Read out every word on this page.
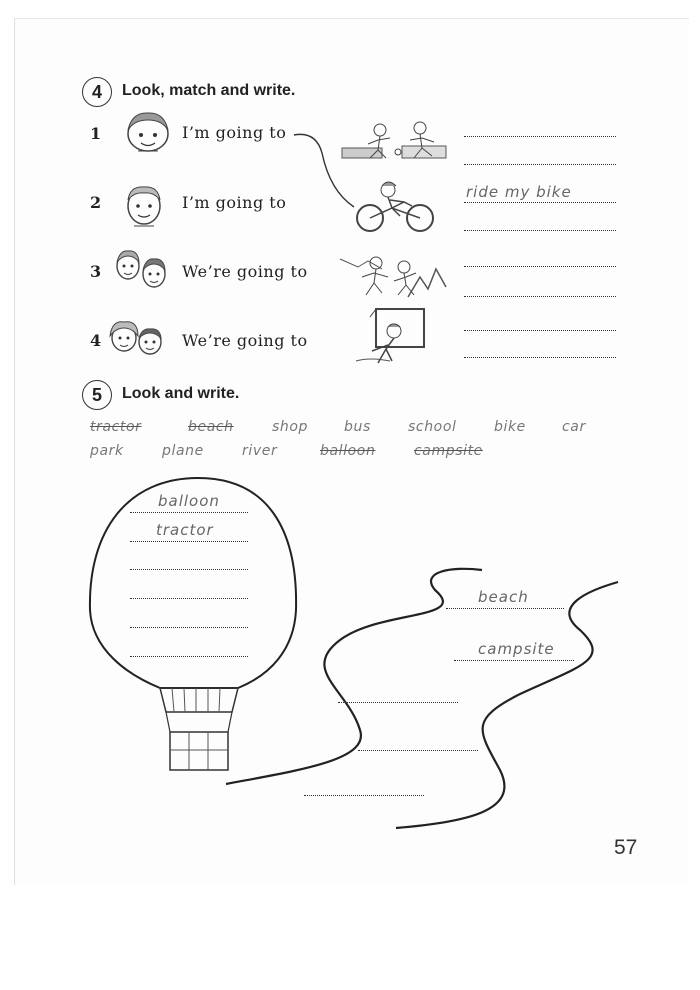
4	Look, match and write.
1	I’m going to
2	I’m going to
3	We’re going to
4	We’re going to
ride my bike
5	Look and write.
tractor	beach	shop	bus	school	bike	car
park	plane	river	balloon	campsite
balloon
tractor
beach
campsite
57
